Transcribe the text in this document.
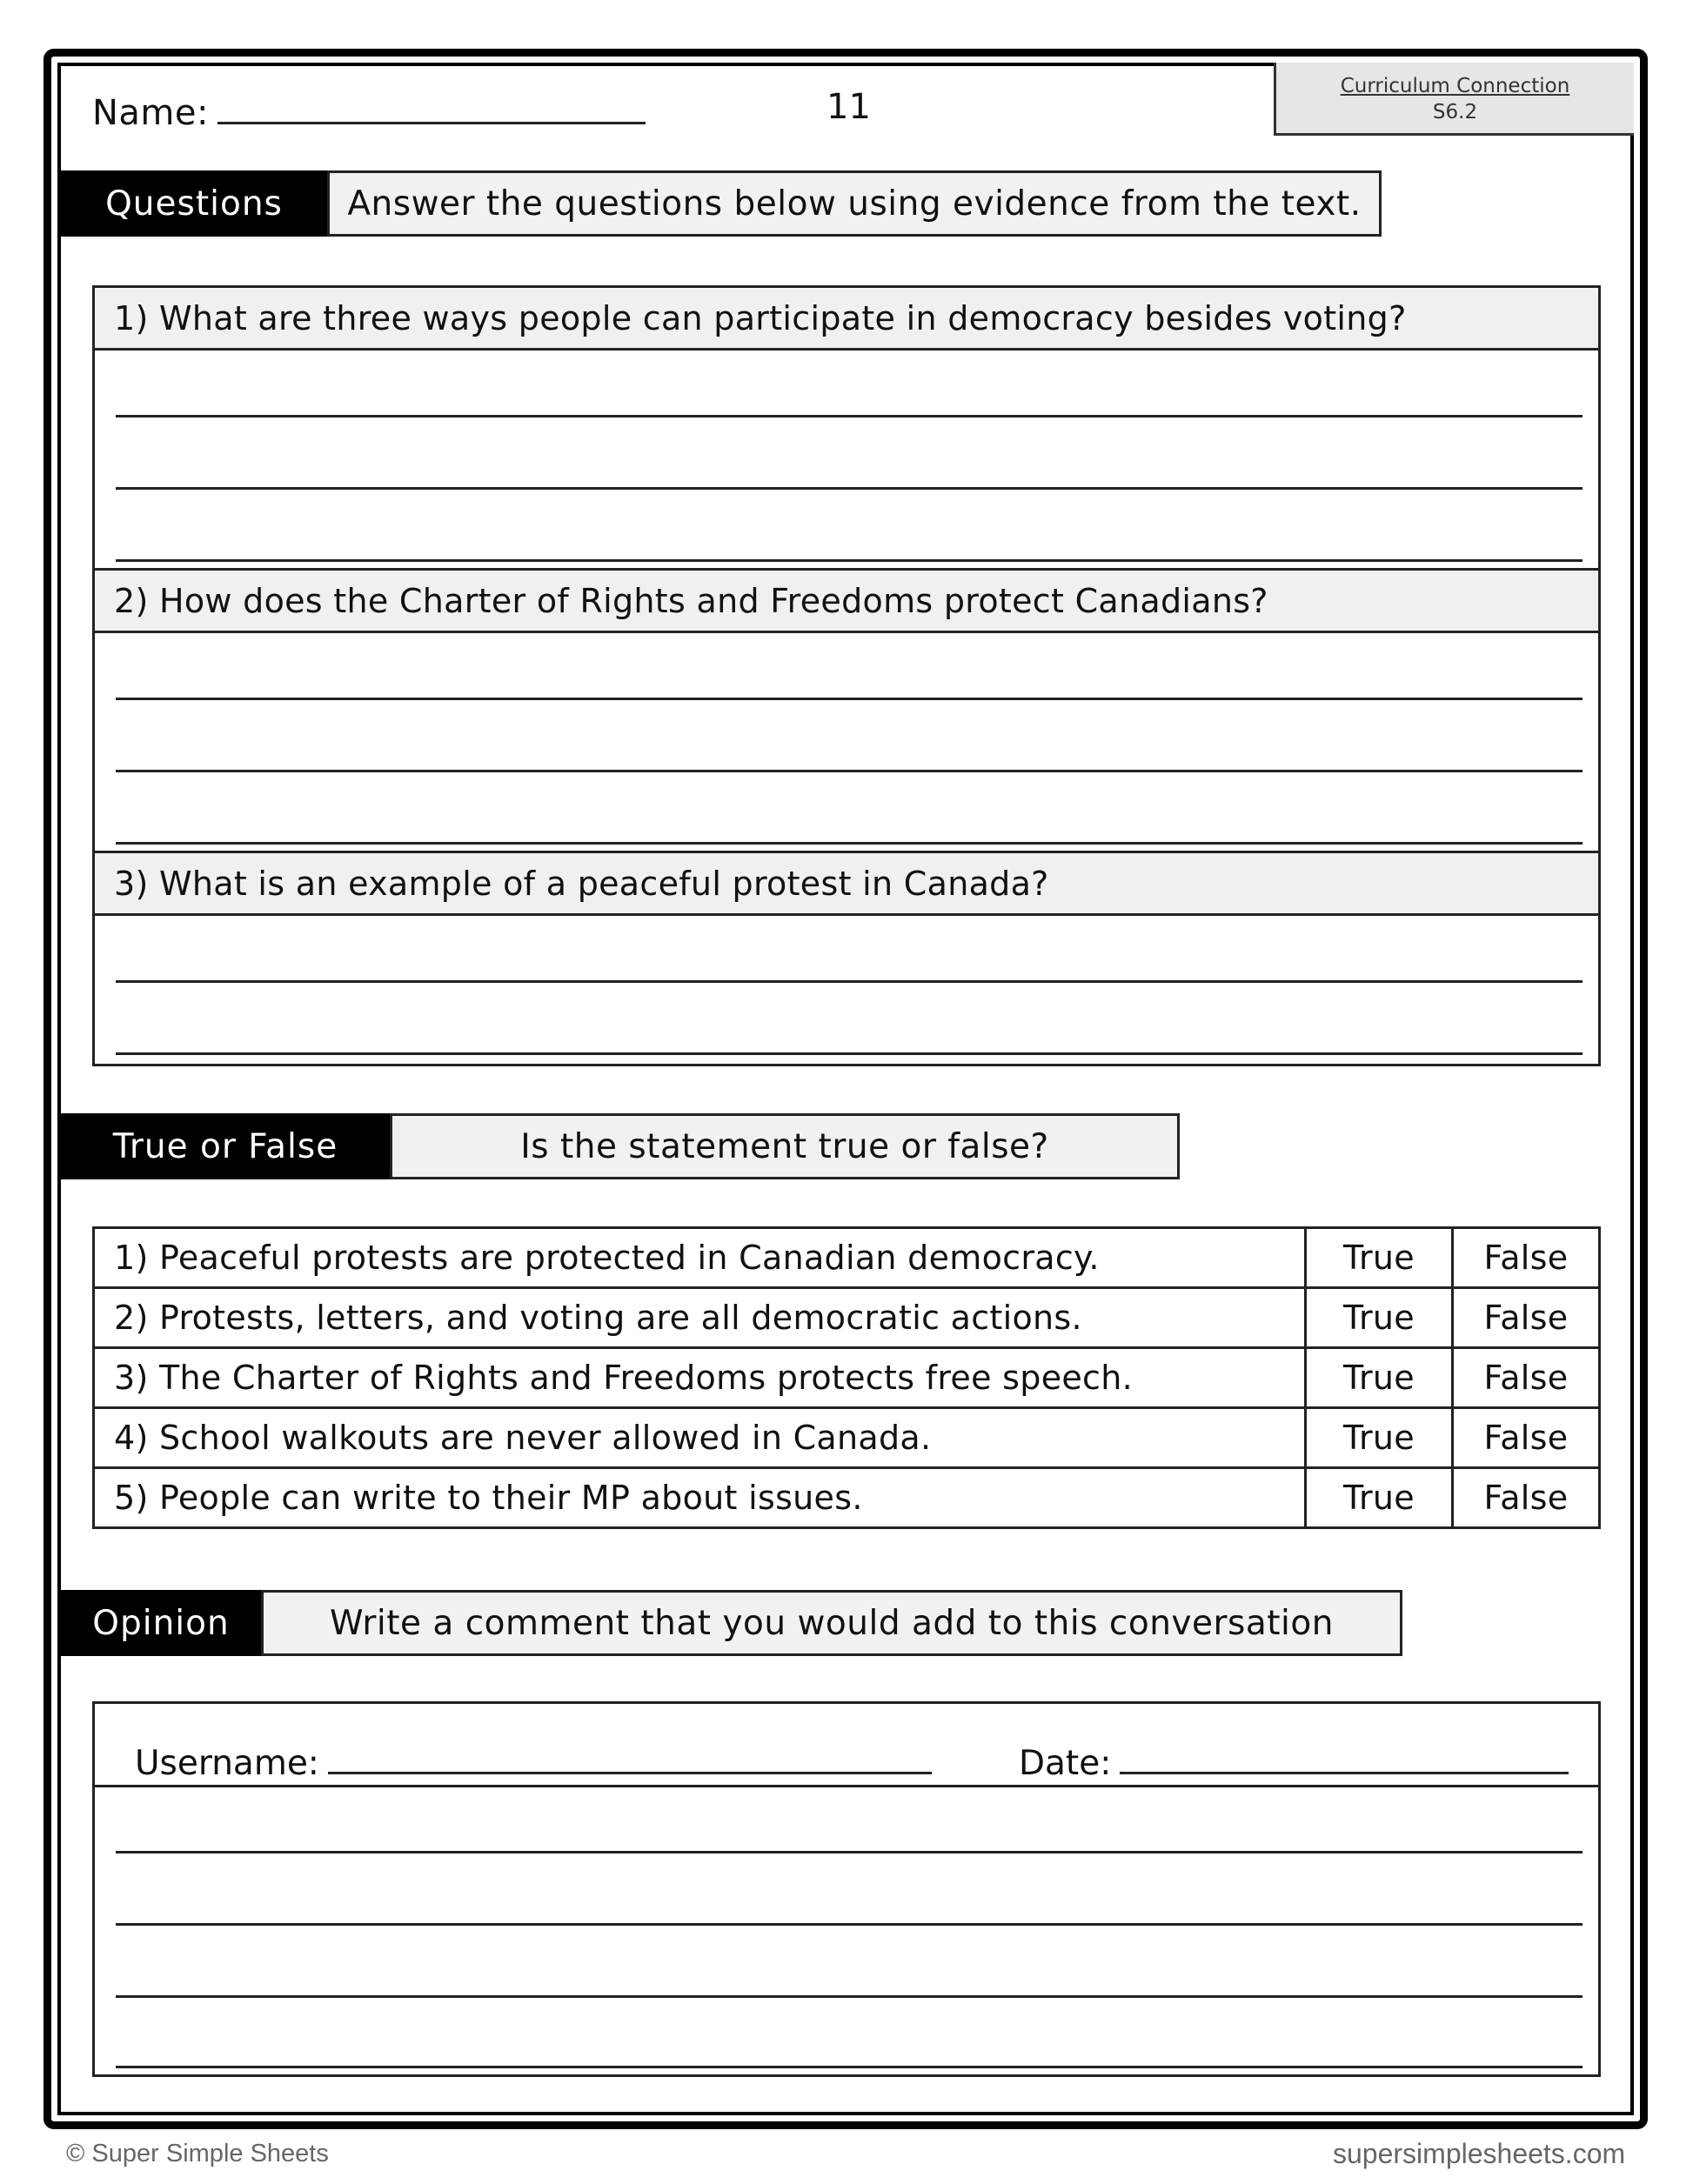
Name:	11
Curriculum Connection
S6.2
Questions	Answer the questions below using evidence from the text.
1) What are three ways people can participate in democracy besides voting?
2) How does the Charter of Rights and Freedoms protect Canadians?
3) What is an example of a peaceful protest in Canada?
True or False	Is the statement true or false?
1) Peaceful protests are protected in Canadian democracy.	True	False
2) Protests, letters, and voting are all democratic actions.	True	False
3) The Charter of Rights and Freedoms protects free speech.	True	False
4) School walkouts are never allowed in Canada.	True	False
5) People can write to their MP about issues.	True	False
Opinion	Write a comment that you would add to this conversation
Username:	Date:
© Super Simple Sheets	supersimplesheets.com
